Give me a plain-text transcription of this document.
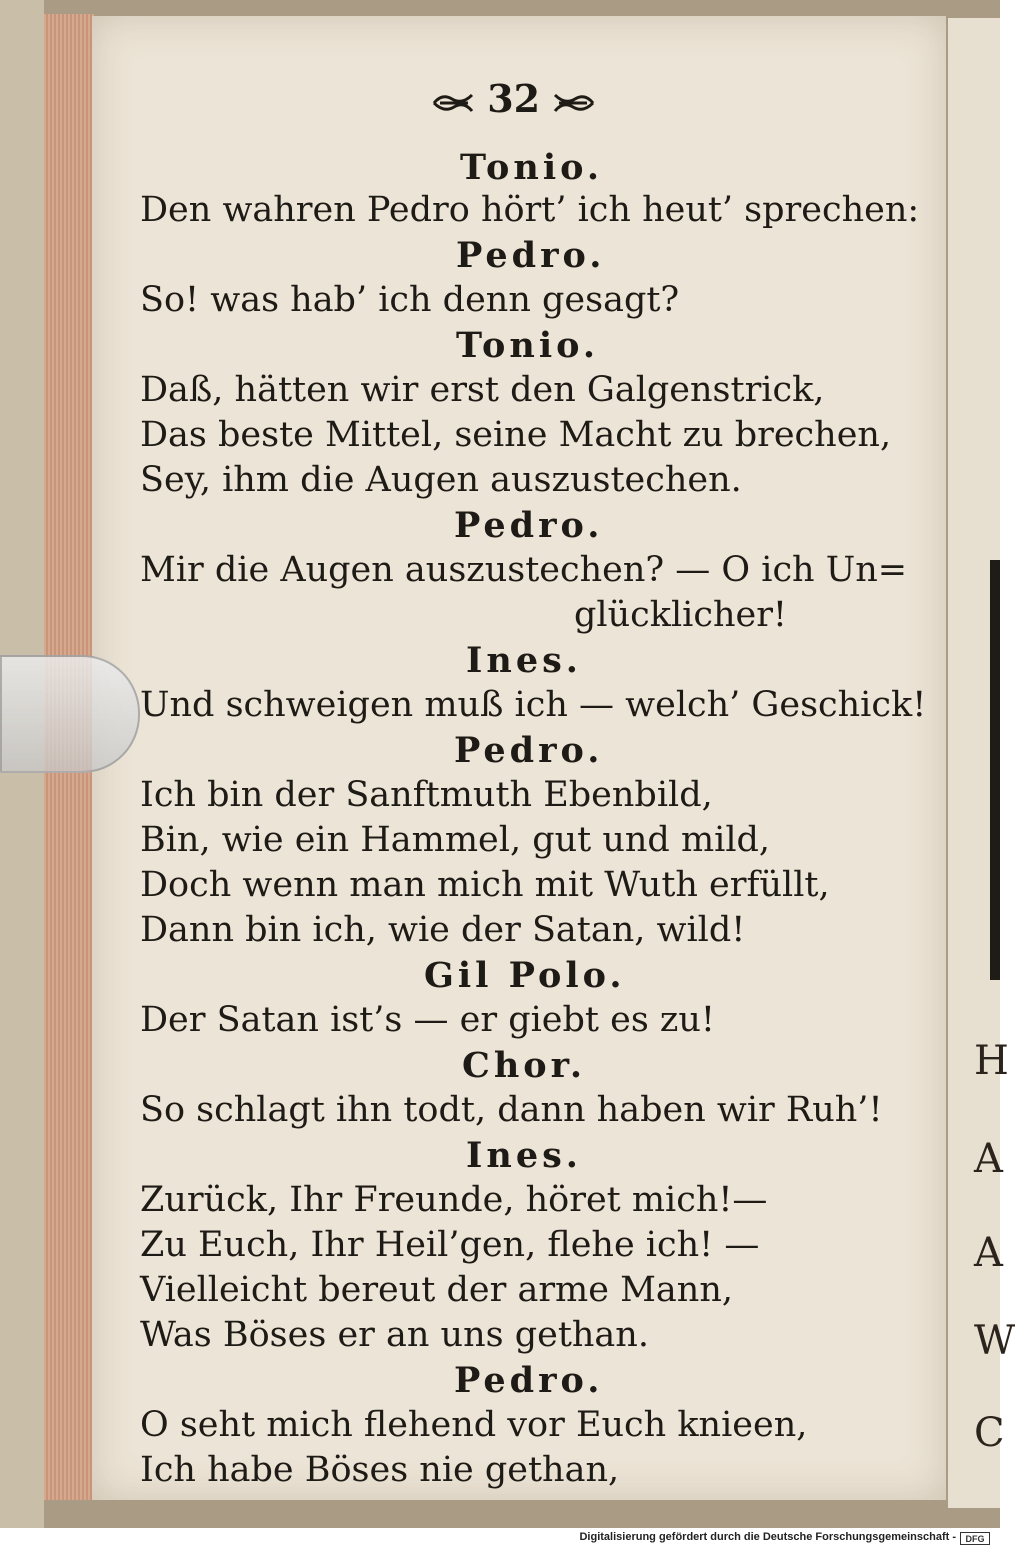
H
A
A
W
C
32
Tonio.
Den wahren Pedro hört’ ich heut’ sprechen:
Pedro.
So! was hab’ ich denn gesagt?
Tonio.
Daß, hätten wir erst den Galgenstrick,
Das beste Mittel, seine Macht zu brechen,
Sey, ihm die Augen auszustechen.
Pedro.
Mir die Augen auszustechen? — O ich Un=
glücklicher!
Ines.
Und schweigen muß ich — welch’ Geschick!
Pedro.
Ich bin der Sanftmuth Ebenbild,
Bin, wie ein Hammel, gut und mild,
Doch wenn man mich mit Wuth erfüllt,
Dann bin ich, wie der Satan, wild!
Gil Polo.
Der Satan ist’s — er giebt es zu!
Chor.
So schlagt ihn todt, dann haben wir Ruh’!
Ines.
Zurück, Ihr Freunde, höret mich!—
Zu Euch, Ihr Heil’gen, flehe ich! —
Vielleicht bereut der arme Mann,
Was Böses er an uns gethan.
Pedro.
O seht mich flehend vor Euch knieen,
Ich habe Böses nie gethan,
Digitalisierung gefördert durch die Deutsche Forschungsgemeinschaft -	DFG
